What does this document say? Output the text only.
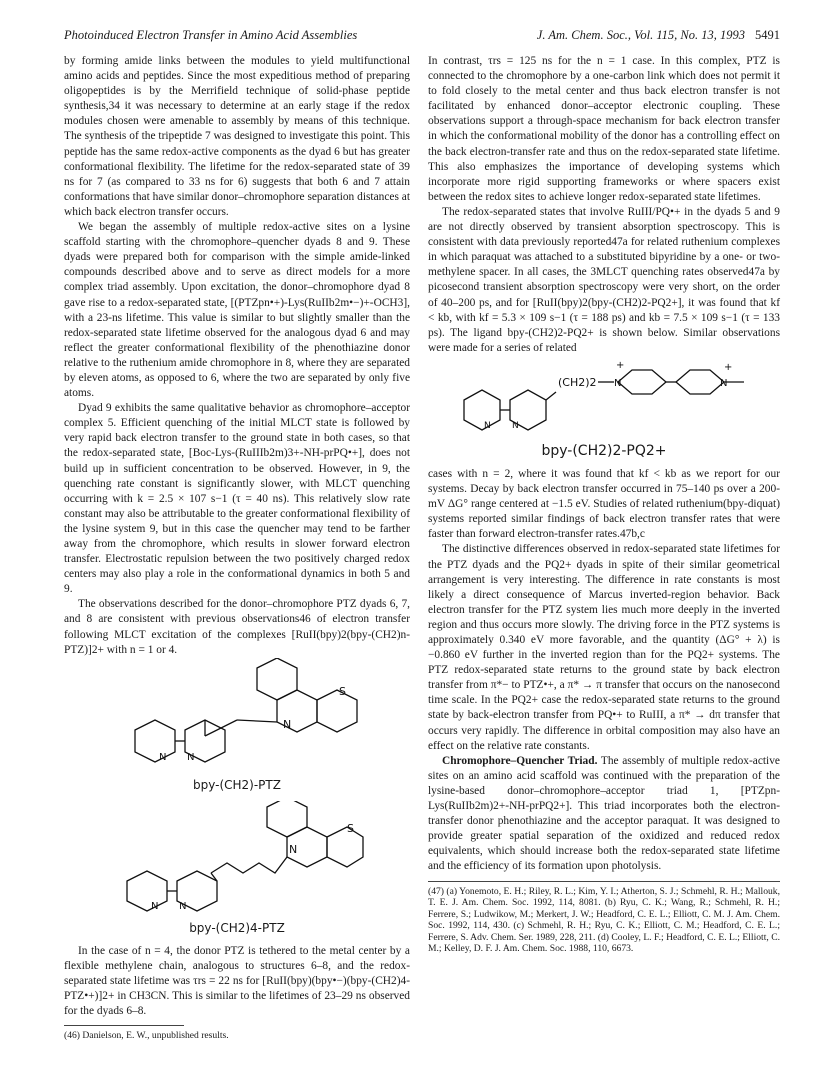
Photoinduced Electron Transfer in Amino Acid Assemblies	J. Am. Chem. Soc., Vol. 115, No. 13, 1993 5491

by forming amide links between the modules to yield multifunctional amino acids and peptides. Since the most expeditious method of preparing oligopeptides is by the Merrifield technique of solid-phase peptide synthesis,34 it was necessary to determine at an early stage if the redox modules chosen were amenable to assembly by means of this technique. The synthesis of the tripeptide 7 was designed to investigate this point. This peptide has the same redox-active components as the dyad 6 but has greater conformational flexibility. The lifetime for the redox-separated state of 39 ns for 7 (as compared to 33 ns for 6) suggests that both 6 and 7 attain conformations that have similar donor–chromophore separation distances at which back electron transfer occurs.

We began the assembly of multiple redox-active sites on a lysine scaffold starting with the chromophore–quencher dyads 8 and 9. These dyads were prepared both for comparison with the simple amide-linked compounds described above and to serve as direct models for a more complex triad assembly. Upon excitation, the donor–chromophore dyad 8 gave rise to a redox-separated state, [(PTZpn•+)-Lys(RuIIb2m•−)+-OCH3], with a 23-ns lifetime. This value is similar to but slightly smaller than the redox-separated state lifetime observed for the analogous dyad 6 and may reflect the greater conformational flexibility of the phenothiazine donor relative to the ruthenium amide chromophore in 8, where they are separated by eleven atoms, as opposed to 6, where the two are separated by only five atoms.

Dyad 9 exhibits the same qualitative behavior as chromophore–acceptor complex 5. Efficient quenching of the initial MLCT state is followed by very rapid back electron transfer to the ground state in both cases, so that the redox-separated state, [Boc-Lys-(RuIIIb2m)3+-NH-prPQ•+], does not build up in sufficient concentration to be observed. However, in 9, the quenching rate constant is significantly slower, with MLCT quenching occurring with k = 2.5 × 107 s−1 (τ = 40 ns). This relatively slow rate constant may also be attributable to the greater conformational flexibility of the lysine system 9, but in this case the quencher may tend to be farther away from the chromophore, which results in slower forward electron transfer. Electrostatic repulsion between the two positively charged redox centers may also play a role in the conformational dynamics in both 5 and 9.

The observations described for the donor–chromophore PTZ dyads 6, 7, and 8 are consistent with previous observations46 of electron transfer following MLCT excitation of the complexes [RuII(bpy)2(bpy-(CH2)n-PTZ)]2+ with n = 1 or 4.

S
N
N N
bpy-(CH2)-PTZ
S
N
N N
bpy-(CH2)4-PTZ

In the case of n = 4, the donor PTZ is tethered to the metal center by a flexible methylene chain, analogous to structures 6–8, and the redox-separated state lifetime was τrs = 22 ns for [RuII(bpy)(bpy•−)(bpy-(CH2)4-PTZ•+)]2+ in CH3CN. This is similar to the lifetimes of 23–29 ns observed for the dyads 6–8.

(46) Danielson, E. W., unpublished results.

In contrast, τrs = 125 ns for the n = 1 case. In this complex, PTZ is connected to the chromophore by a one-carbon link which does not permit it to fold closely to the metal center and thus back electron transfer is not facilitated by enhanced donor–acceptor electronic coupling. These observations support a through-space mechanism for back electron transfer in which the conformational mobility of the donor has a controlling effect on the back electron-transfer rate and thus on the redox-separated state lifetime. This also emphasizes the importance of developing systems which incorporate more rigid supporting frameworks or where spacers exist between the redox sites to achieve longer redox-separated state lifetimes.

The redox-separated states that involve RuIII/PQ•+ in the dyads 5 and 9 are not directly observed by transient absorption spectroscopy. This is consistent with data previously reported47a for related ruthenium complexes in which paraquat was attached to a substituted bipyridine by a one- or two-methylene spacer. In all cases, the 3MLCT quenching rates observed47a by picosecond transient absorption spectroscopy were very short, on the order of 40–200 ps, and for [RuII(bpy)2(bpy-(CH2)2-PQ2+], it was found that kf < kb, with kf = 5.3 × 109 s−1 (τ = 188 ps) and kb = 7.5 × 109 s−1 (τ = 133 ps). The ligand bpy-(CH2)2-PQ2+ is shown below. Similar observations were made for a series of related

(CH2)2 N
+
N
+
N N
bpy-(CH2)2-PQ2+

cases with n = 2, where it was found that kf < kb as we report for our systems. Decay by back electron transfer occurred in 75–140 ps over a 200-mV ΔG° range centered at −1.5 eV. Studies of related ruthenium(bpy-diquat) systems reported similar findings of back electron transfer rates that were faster than forward electron-transfer rates.47b,c

The distinctive differences observed in redox-separated state lifetimes for the PTZ dyads and the PQ2+ dyads in spite of their similar geometrical arrangement is very interesting. The difference in rate constants is most likely a direct consequence of Marcus inverted-region behavior. Back electron transfer for the PTZ system lies much more deeply in the inverted region and thus occurs more slowly. The driving force in the PTZ systems is approximately 0.340 eV more favorable, and the quantity (ΔG° + λ) is −0.860 eV further in the inverted region than for the PQ2+ systems. The PTZ redox-separated state returns to the ground state by back electron transfer from π*− to PTZ•+, a π* → π transfer that occurs on the nanosecond time scale. In the PQ2+ case the redox-separated state returns to the ground state by back-electron transfer from PQ•+ to RuIII, a π* → dπ transfer that occurs very rapidly. The difference in orbital composition may also have an effect on the relative rate constants.

Chromophore–Quencher Triad. The assembly of multiple redox-active sites on an amino acid scaffold was continued with the preparation of the lysine-based donor–chromophore–acceptor triad 1, [PTZpn-Lys(RuIIb2m)2+-NH-prPQ2+]. This triad incorporates both the electron-transfer donor phenothiazine and the acceptor paraquat. It was designed to provide greater spatial separation of the oxidized and reduced redox equivalents, which should increase both the redox-separated state lifetime and the efficiency of its formation upon photolysis.

(47) (a) Yonemoto, E. H.; Riley, R. L.; Kim, Y. I.; Atherton, S. J.; Schmehl, R. H.; Mallouk, T. E. J. Am. Chem. Soc. 1992, 114, 8081. (b) Ryu, C. K.; Wang, R.; Schmehl, R. H.; Ferrere, S.; Ludwikow, M.; Merkert, J. W.; Headford, C. E. L.; Elliott, C. M. J. Am. Chem. Soc. 1992, 114, 430. (c) Schmehl, R. H.; Ryu, C. K.; Elliott, C. M.; Headford, C. E. L.; Ferrere, S. Adv. Chem. Ser. 1989, 228, 211. (d) Cooley, L. F.; Headford, C. E. L.; Elliott, C. M.; Kelley, D. F. J. Am. Chem. Soc. 1988, 110, 6673.
